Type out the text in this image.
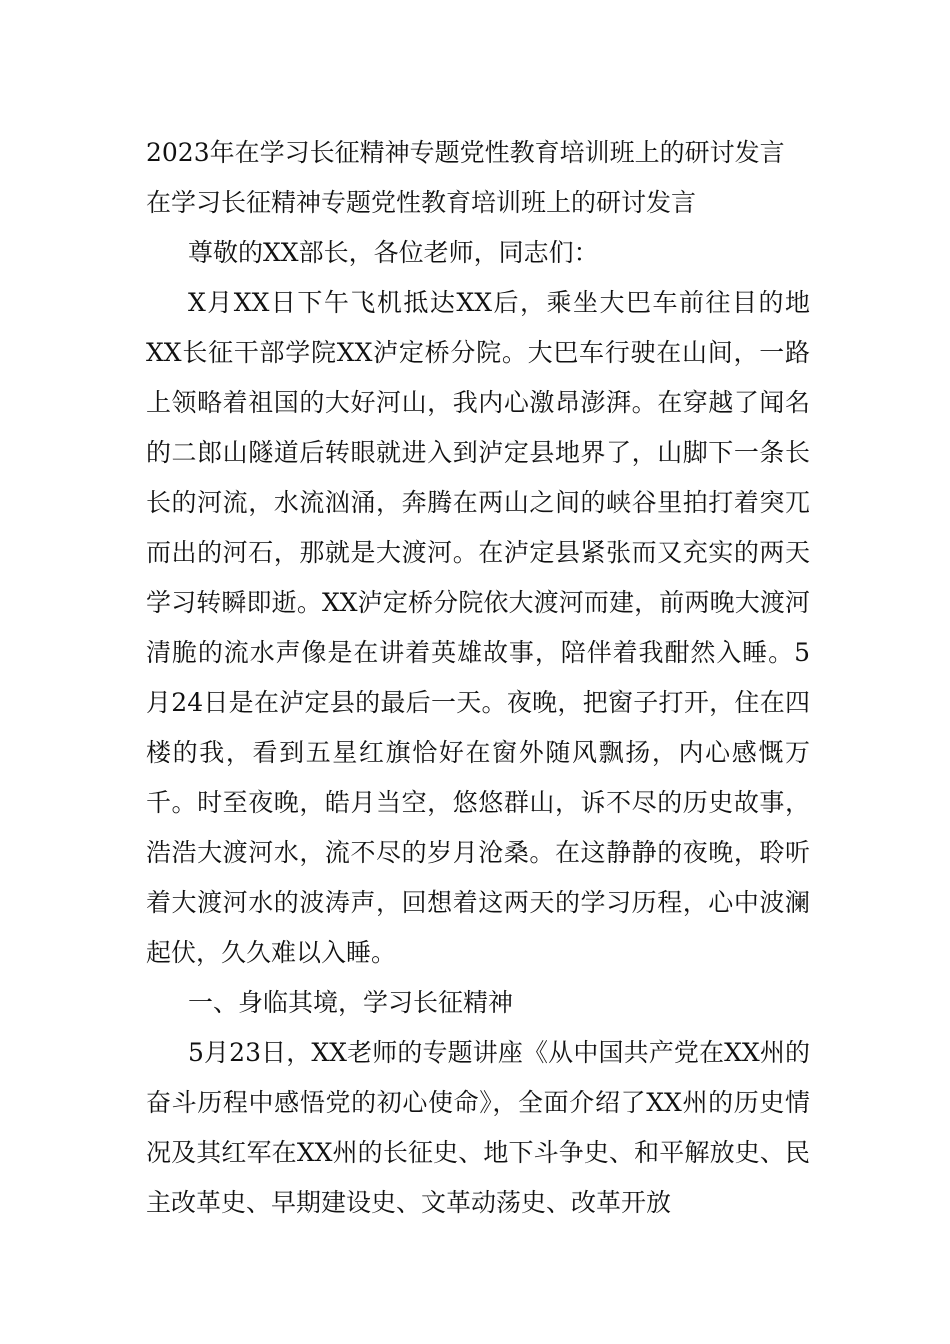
2023年在学习长征精神专题党性教育培训班上的研讨发言

在学习长征精神专题党性教育培训班上的研讨发言

尊敬的XX部长，各位老师，同志们：

X月XX日下午飞机抵达XX后，乘坐大巴车前往目的地XX长征干部学院XX泸定桥分院。大巴车行驶在山间，一路上领略着祖国的大好河山，我内心激昂澎湃。在穿越了闻名的二郎山隧道后转眼就进入到泸定县地界了，山脚下一条长长的河流，水流汹涌，奔腾在两山之间的峡谷里拍打着突兀而出的河石，那就是大渡河。在泸定县紧张而又充实的两天学习转瞬即逝。XX泸定桥分院依大渡河而建，前两晚大渡河清脆的流水声像是在讲着英雄故事，陪伴着我酣然入睡。5月24日是在泸定县的最后一天。夜晚，把窗子打开，住在四楼的我，看到五星红旗恰好在窗外随风飘扬，内心感慨万千。时至夜晚，皓月当空，悠悠群山，诉不尽的历史故事，浩浩大渡河水，流不尽的岁月沧桑。在这静静的夜晚，聆听着大渡河水的波涛声，回想着这两天的学习历程，心中波澜起伏，久久难以入睡。

一、身临其境，学习长征精神

5月23日，XX老师的专题讲座《从中国共产党在XX州的奋斗历程中感悟党的初心使命》，全面介绍了XX州的历史情况及其红军在XX州的长征史、地下斗争史、和平解放史、民主改革史、早期建设史、文革动荡史、改革开放
